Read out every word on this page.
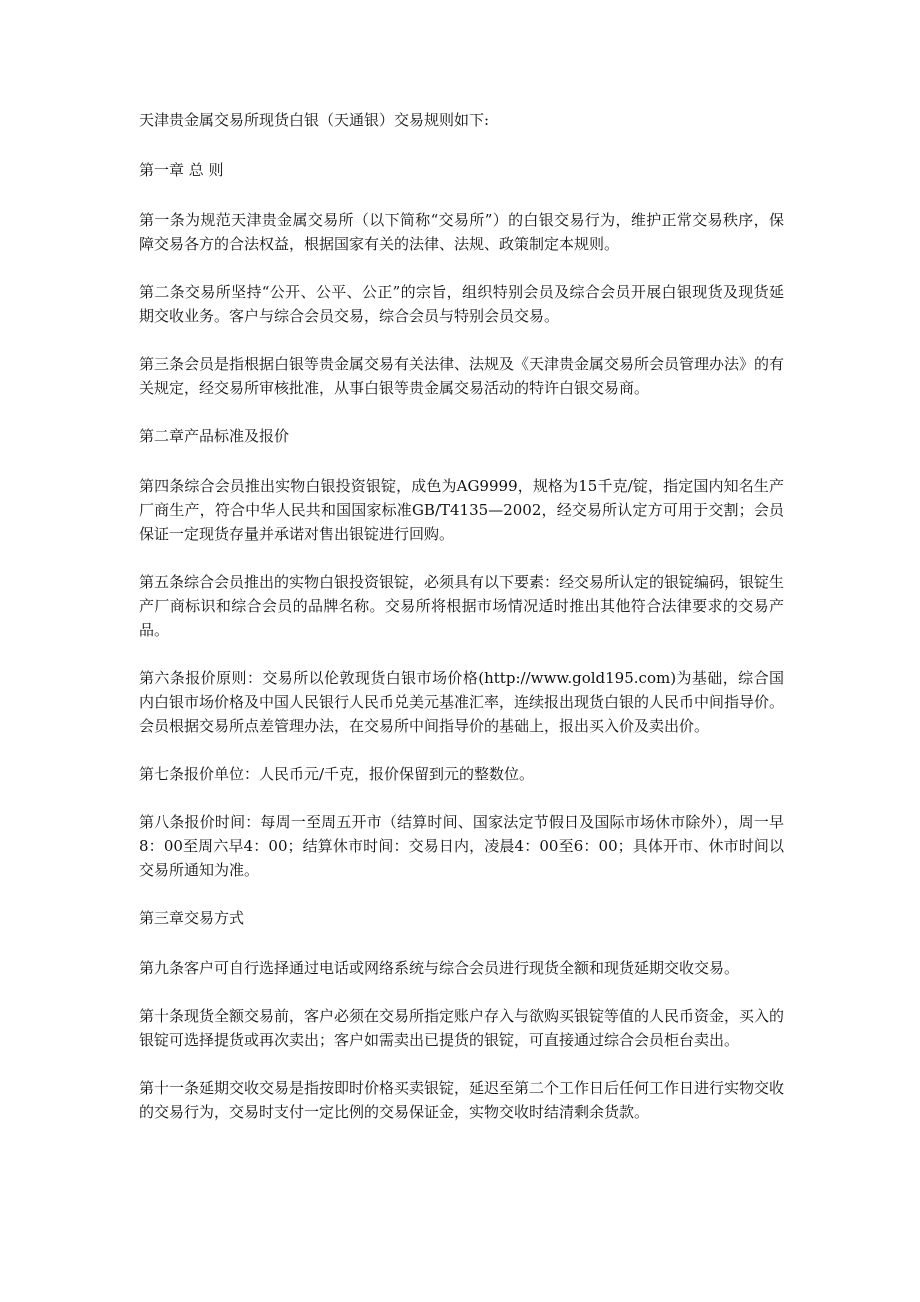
天津贵金属交易所现货白银（天通银）交易规则如下:

第一章 总 则

第一条为规范天津贵金属交易所（以下简称“交易所”）的白银交易行为，维护正常交易秩序，保障交易各方的合法权益，根据国家有关的法律、法规、政策制定本规则。

第二条交易所坚持“公开、公平、公正”的宗旨，组织特别会员及综合会员开展白银现货及现货延期交收业务。客户与综合会员交易，综合会员与特别会员交易。

第三条会员是指根据白银等贵金属交易有关法律、法规及《天津贵金属交易所会员管理办法》的有关规定，经交易所审核批准，从事白银等贵金属交易活动的特许白银交易商。

第二章产品标准及报价

第四条综合会员推出实物白银投资银锭，成色为AG9999，规格为15千克/锭，指定国内知名生产厂商生产，符合中华人民共和国国家标准GB/T4135—2002，经交易所认定方可用于交割；会员保证一定现货存量并承诺对售出银锭进行回购。

第五条综合会员推出的实物白银投资银锭，必须具有以下要素：经交易所认定的银锭编码，银锭生产厂商标识和综合会员的品牌名称。交易所将根据市场情况适时推出其他符合法律要求的交易产品。

第六条报价原则：交易所以伦敦现货白银市场价格(http://www.gold195.com)为基础，综合国内白银市场价格及中国人民银行人民币兑美元基准汇率，连续报出现货白银的人民币中间指导价。会员根据交易所点差管理办法，在交易所中间指导价的基础上，报出买入价及卖出价。

第七条报价单位：人民币元/千克，报价保留到元的整数位。

第八条报价时间：每周一至周五开市（结算时间、国家法定节假日及国际市场休市除外），周一早8：00至周六早4：00；结算休市时间：交易日内，凌晨4：00至6：00；具体开市、休市时间以交易所通知为准。

第三章交易方式

第九条客户可自行选择通过电话或网络系统与综合会员进行现货全额和现货延期交收交易。

第十条现货全额交易前，客户必须在交易所指定账户存入与欲购买银锭等值的人民币资金，买入的银锭可选择提货或再次卖出；客户如需卖出已提货的银锭，可直接通过综合会员柜台卖出。

第十一条延期交收交易是指按即时价格买卖银锭，延迟至第二个工作日后任何工作日进行实物交收的交易行为，交易时支付一定比例的交易保证金，实物交收时结清剩余货款。
